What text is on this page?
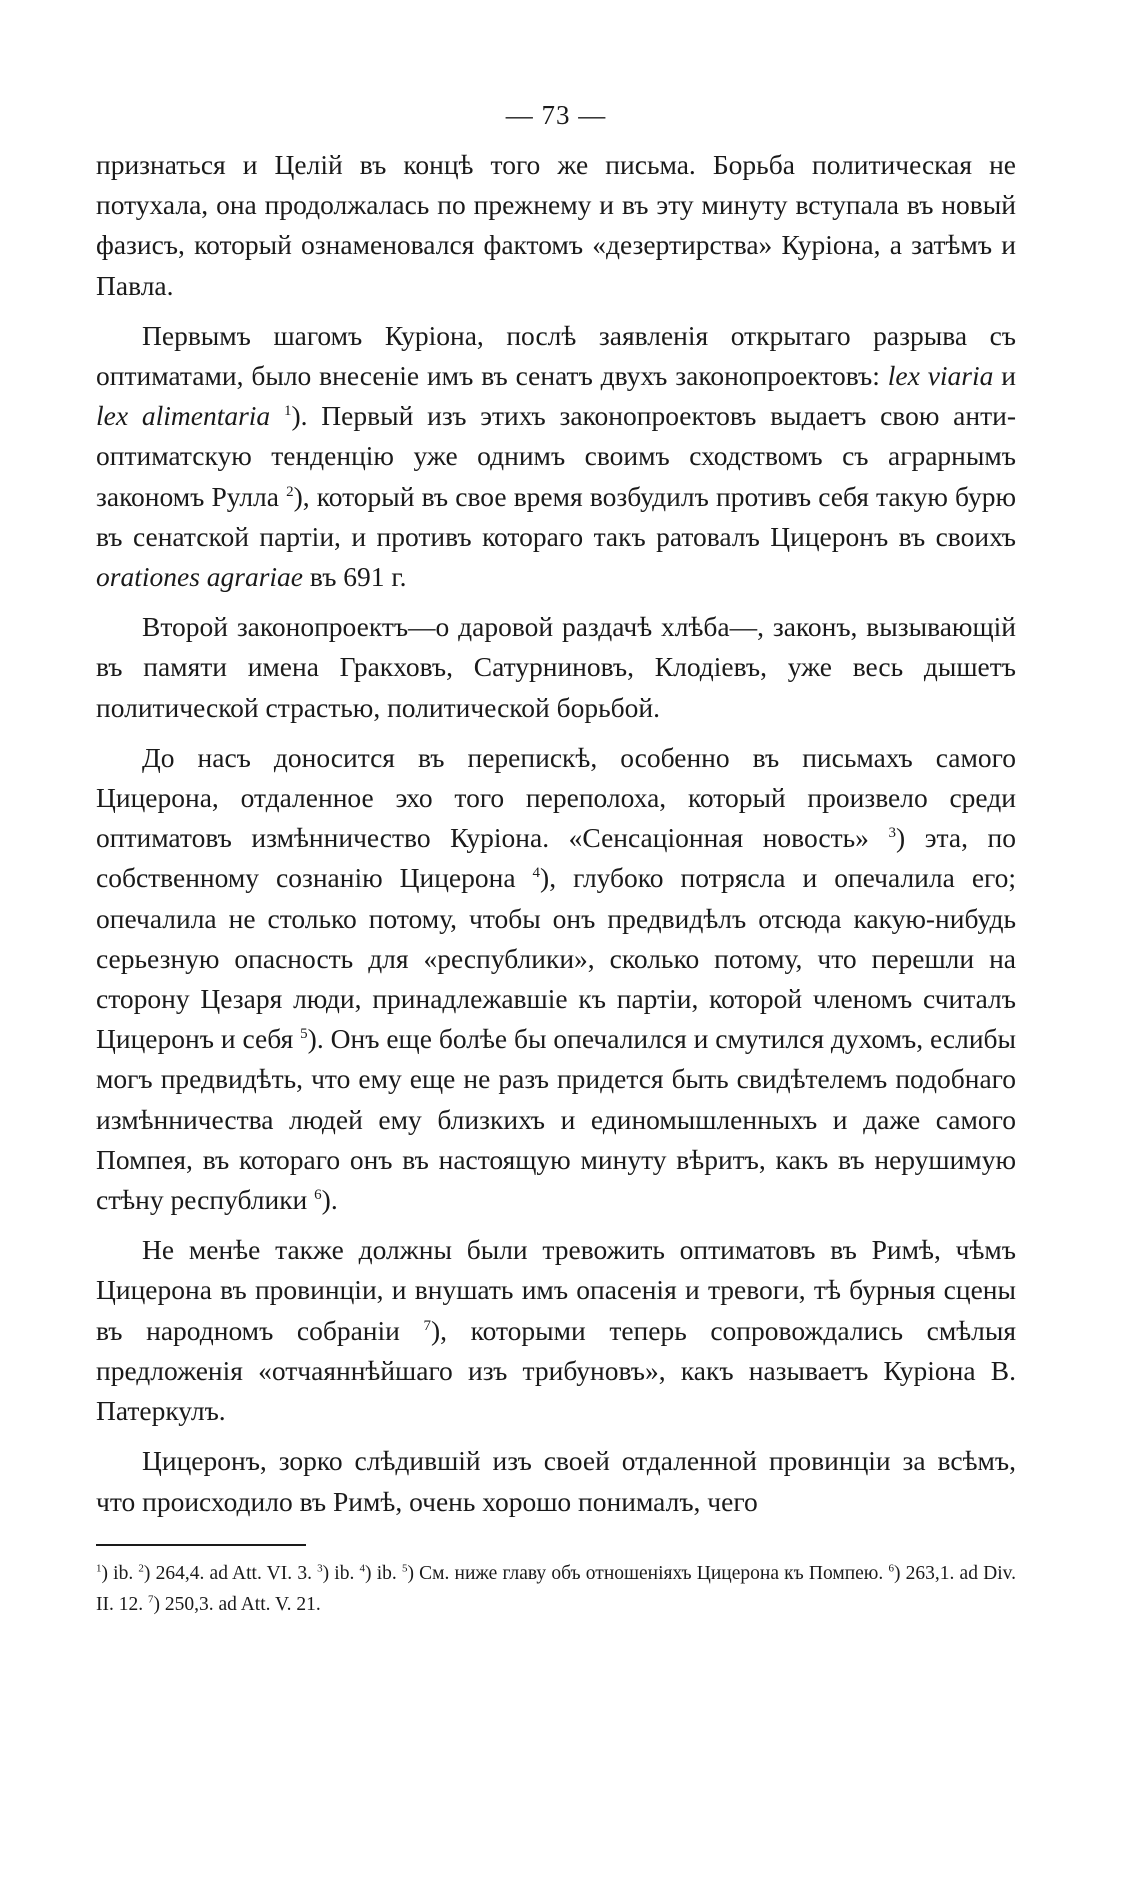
— 73 —

признаться и Целій въ концѣ того же письма. Борьба политическая не потухала, она продолжалась по прежнему и въ эту минуту вступала въ новый фазисъ, который ознаменовался фактомъ «дезертирства» Куріона, а затѣмъ и Павла.

Первымъ шагомъ Куріона, послѣ заявленія открытаго разрыва съ оптиматами, было внесеніе имъ въ сенатъ двухъ законопроектовъ: lex viaria и lex alimentaria $^1$). Первый изъ этихъ законопроектовъ выдаетъ свою анти-оптиматскую тенденцію уже однимъ своимъ сходствомъ съ аграрнымъ закономъ Рулла $^2$), который въ свое время возбудилъ противъ себя такую бурю въ сенатской партіи, и противъ котораго такъ ратовалъ Цицеронъ въ своихъ orationes agrariae въ 691 г.

Второй законопроектъ—о даровой раздачѣ хлѣба—, законъ, вызывающій въ памяти имена Гракховъ, Сатурниновъ, Клодіевъ, уже весь дышетъ политической страстью, политической борьбой.

До насъ доносится въ перепискѣ, особенно въ письмахъ самого Цицерона, отдаленное эхо того переполоха, который произвело среди оптиматовъ измѣнничество Куріона. «Сенсаціонная новость» $^3$) эта, по собственному сознанію Цицерона $^4$), глубоко потрясла и опечалила его; опечалила не столько потому, чтобы онъ предвидѣлъ отсюда какую-нибудь серьезную опасность для «республики», сколько потому, что перешли на сторону Цезаря люди, принадлежавшіе къ партіи, которой членомъ считалъ Цицеронъ и себя $^5$). Онъ еще болѣе бы опечалился и смутился духомъ, еслибы могъ предвидѣть, что ему еще не разъ придется быть свидѣтелемъ подобнаго измѣнничества людей ему близкихъ и единомышленныхъ и даже самого Помпея, въ котораго онъ въ настоящую минуту вѣритъ, какъ въ нерушимую стѣну республики $^6$).

Не менѣе также должны были тревожить оптиматовъ въ Римѣ, чѣмъ Цицерона въ провинціи, и внушать имъ опасенія и тревоги, тѣ бурныя сцены въ народномъ собраніи $^7$), которыми теперь сопровождались смѣлыя предложенія «отчаяннѣйшаго изъ трибуновъ», какъ называетъ Куріона В. Патеркулъ.

Цицеронъ, зорко слѣдившій изъ своей отдаленной провинціи за всѣмъ, что происходило въ Римѣ, очень хорошо понималъ, чего

$^1$) ib. $^2$) 264,4. ad Att. VI. 3. $^3$) ib. $^4$) ib. $^5$) См. ниже главу объ отношеніяхъ Цицерона къ Помпею. $^6$) 263,1. ad Div. II. 12. $^7$) 250,3. ad Att. V. 21.
